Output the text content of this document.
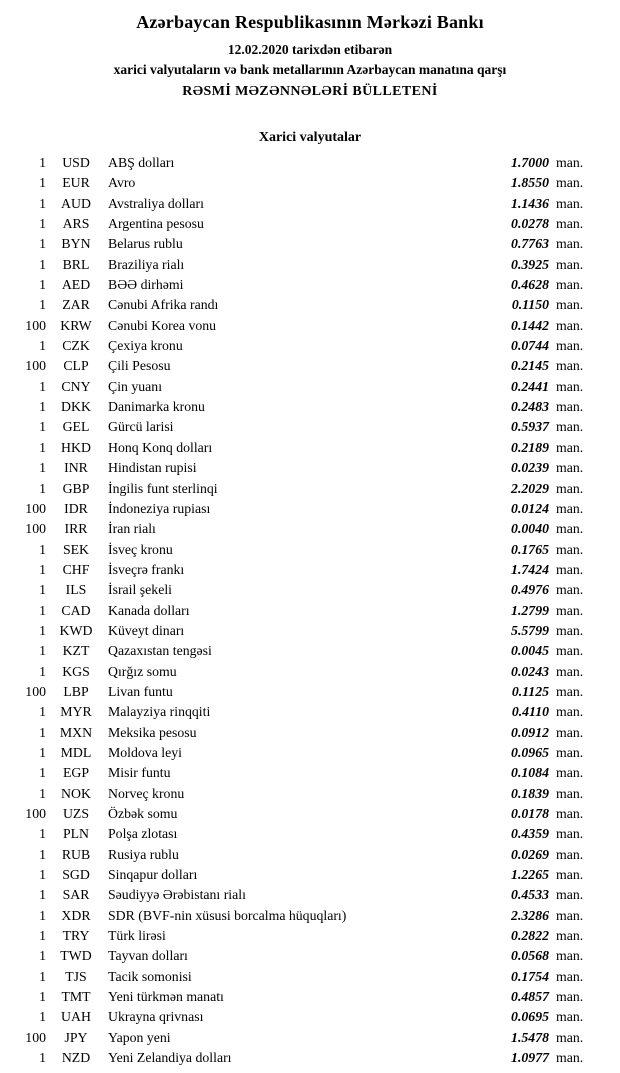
Azərbaycan Respublikasının Mərkəzi Bankı
12.02.2020 tarixdən etibarən
xarici valyutaların və bank metallarının Azərbaycan manatına qarşı
RƏSMİ MƏZƏNNƏLƏRİ BÜLLETENİ
Xarici valyutalar
1	USD	ABŞ dolları	1.7000 man.
1	EUR	Avro	1.8550 man.
1	AUD	Avstraliya dolları	1.1436 man.
1	ARS	Argentina pesosu	0.0278 man.
1	BYN	Belarus rublu	0.7763 man.
1	BRL	Braziliya rialı	0.3925 man.
1	AED	BƏƏ dirhəmi	0.4628 man.
1	ZAR	Cənubi Afrika randı	0.1150 man.
100	KRW	Cənubi Korea vonu	0.1442 man.
1	CZK	Çexiya kronu	0.0744 man.
100	CLP	Çili Pesosu	0.2145 man.
1	CNY	Çin yuanı	0.2441 man.
1	DKK	Danimarka kronu	0.2483 man.
1	GEL	Gürcü larisi	0.5937 man.
1	HKD	Honq Konq dolları	0.2189 man.
1	INR	Hindistan rupisi	0.0239 man.
1	GBP	İngilis funt sterlinqi	2.2029 man.
100	IDR	İndoneziya rupiası	0.0124 man.
100	IRR	İran rialı	0.0040 man.
1	SEK	İsveç kronu	0.1765 man.
1	CHF	İsveçrə frankı	1.7424 man.
1	ILS	İsrail şekeli	0.4976 man.
1	CAD	Kanada dolları	1.2799 man.
1 KWD	Küveyt dinarı	5.5799 man.
1	KZT	Qazaxıstan tengəsi	0.0045 man.
1	KGS	Qırğız somu	0.0243 man.
100	LBP	Livan funtu	0.1125 man.
1	MYR	Malayziya rinqqiti	0.4110 man.
1	MXN	Meksika pesosu	0.0912 man.
1	MDL	Moldova leyi	0.0965 man.
1	EGP	Misir funtu	0.1084 man.
1	NOK	Norveç kronu	0.1839 man.
100	UZS	Özbək somu	0.0178 man.
1	PLN	Polşa zlotası	0.4359 man.
1	RUB	Rusiya rublu	0.0269 man.
1	SGD	Sinqapur dolları	1.2265 man.
1	SAR	Səudiyyə Ərəbistanı rialı	0.4533 man.
1	XDR	SDR (BVF-nin xüsusi borcalma hüquqları)	2.3286 man.
1	TRY	Türk lirəsi	0.2822 man.
1	TWD	Tayvan dolları	0.0568 man.
1	TJS	Tacik somonisi	0.1754 man.
1	TMT	Yeni türkmən manatı	0.4857 man.
1	UAH	Ukrayna qrivnası	0.0695 man.
100	JPY	Yapon yeni	1.5478 man.
1	NZD	Yeni Zelandiya dolları	1.0977 man.
